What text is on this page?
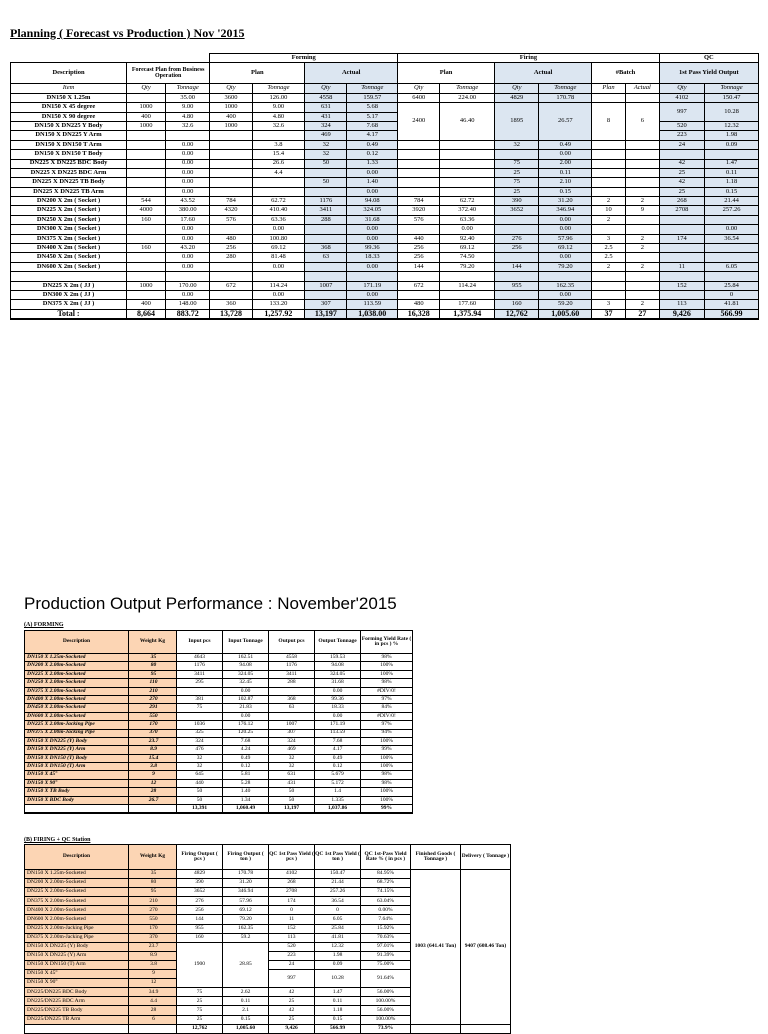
Planning ( Forecast vs Production ) Nov '2015
			Forming				Firing						QC	
Description	Forecast Plan from Business Operation		Plan		Actual		Plan		Actual		#Batch		1st Pass Yield Output	
Item	Qty	Tonnage	Qty	Tonnage	Qty	Tonnage	Qty	Tonnage	Qty	Tonnage	Plan	Actual	Qty	Tonnage
DN150 X 1.25m		35.00	3600	126.00	4558	159.57	6400	224.00	4829	170.78			4102	150.47
DN150 X 45 degree	1000	9.00	1000	9.00	631	5.68	2400	46.40	1895	26.57	8	6	997	10.28
DN150 X 90 degree	400	4.80	400	4.80	431	5.17								
DN150 X DN225 Y Body	1000	32.6	1000	32.6	324	7.68							520	12.32
DN150 X DN225 Y Arm					469	4.17							223	1.98
DN150 X DN150 T Arm		0.00		3.8	32	0.49			32	0.49			24	0.09
DN150 X DN150 T Body		0.00		15.4	32	0.12				0.00				
DN225 X DN225 BDC Body		0.00		26.6	50	1.33			75	2.00			42	1.47
DN225 X DN225 BDC Arm		0.00		4.4		0.00			25	0.11			25	0.11
DN225 X DN225 TB Body		0.00			50	1.40			75	2.10			42	1.18
DN225 X DN225 TB Arm		0.00				0.00			25	0.15			25	0.15
DN200 X 2m ( Socket )	544	43.52	784	62.72	1176	94.08	784	62.72	390	31.20	2	2	268	21.44
DN225 X 2m ( Socket )	4000	380.00	4320	410.40	3411	324.05	3920	372.40	3652	346.94	10	9	2708	257.26
DN250 X 2m ( Socket )	160	17.60	576	63.36	288	31.68	576	63.36		0.00	2			
DN300 X 2m ( Socket )		0.00		0.00		0.00		0.00		0.00				0.00
DN375 X 2m ( Socket )		0.00	480	100.80		0.00	440	92.40	276	57.96	3	2	174	36.54
DN400 X 2m ( Socket )	160	43.20	256	69.12	368	99.36	256	69.12	256	69.12	2.5	2		
DN450 X 2m ( Socket )		0.00	280	81.48	63	18.33	256	74.50		0.00	2.5			
DN600 X 2m ( Socket )		0.00		0.00		0.00	144	79.20	144	79.20	2	2	11	6.05

DN225 X 2m ( JJ )	1000	170.00	672	114.24	1007	171.19	672	114.24	955	162.35			152	25.84
DN300 X 2m ( JJ )		0.00		0.00		0.00				0.00				0
DN375 X 2m ( JJ )	400	148.00	360	133.20	307	113.59	480	177.60	160	59.20	3	2	113	41.81
Total :	8,664	883.72	13,728	1,257.92	13,197	1,038.00	16,328	1,375.94	12,762	1,005.60	37	27	9,426	566.99
Production Output Performance : November'2015
(A) FORMING
Description	Weight Kg	Input pcs	Input Tonnage	Output pcs	Output Tonnage	Forming Yield Rate ( in pcs ) %
DN150 X 1.25m-Socketed	35	4643	162.51	4558	159.53	98%
DN200 X 2.00m-Socketed	80	1176	94.08	1176	94.08	100%
DN225 X 2.00m-Socketed	95	3411	324.05	3411	324.05	100%
DN250 X 2.00m-Socketed	110	295	32.45	288	31.68	98%
DN375 X 2.00m-Socketed	210		0.00		0.00	#DIV/0!
DN400 X 2.00m-Socketed	270	381	102.87	368	99.36	97%
DN450 X 2.00m-Socketed	291	75	21.83	63	18.33	84%
DN600 X 2.00m-Socketed	550		0.00		0.00	#DIV/0!
DN225 X 2.00m-Jacking Pipe	170	1036	176.12	1007	171.19	97%
DN375 X 2.00m-Jacking Pipe	370	325	120.25	307	113.59	94%
DN150 X DN225 (Y) Body	23.7	324	7.68	324	7.68	100%
DN150 X DN225 (Y) Arm	8.9	476	4.24	469	4.17	99%
DN150 X DN150 (T) Body	15.4	32	0.49	32	0.49	100%
DN150 X DN150 (T) Arm	3.8	32	0.12	32	0.12	100%
DN150 X 45°	9	645	5.81	631	5.679	98%
DN150 X 90°	12	440	5.28	431	5.172	98%
DN150 X TB Body	28	50	1.40	50	1.4	100%
DN150 X BDC Body	26.7	50	1.34	50	1.335	100%
		13,391	1,060.49	13,197	1,037.86	99%
(B) FIRING + QC Station
Description	Weight Kg	Firing Output ( pcs )	Firing Output ( ton )	QC 1st Pass Yield ( pcs )	QC 1st Pass Yield ( ton )	QC 1st-Pass Yield Rate % ( in pcs )	Finished Goods ( Tonnage )	Delivery ( Tonnage )
DN150 X 1.25m-Socketed	35	4829	170.78	4102	150.47	84.95%	1003 (641.41 Ton)	9407 (608.46 Ton)
DN200 X 2.00m-Socketed	80	390	31.20	268	21.44	68.72%		
DN225 X 2.00m-Socketed	95	3652	346.94	2708	257.26	74.15%		
DN375 X 2.00m-Socketed	210	276	57.96	174	36.54	63.04%		
DN400 X 2.00m-Socketed	270	256	69.12	0	0	0.00%		
DN600 X 2.00m-Socketed	550	144	79.20	11	6.05	7.64%		
DN225 X 2.00m-Jacking Pipe	170	955	162.35	152	25.84	15.92%		
DN375 X 2.00m-Jacking Pipe	370	160	59.2	113	41.81	70.63%		
DN150 X DN225 (Y) Body	23.7	1900	28.85	520	12.32	97.01%		
DN150 X DN225 (Y) Arm	8.9			223	1.98	91.39%		
DN150 X DN150 (T) Arm	3.8			24	0.09	75.00%		
DN150 X 45°	9			997	10.28	91.64%		
DN150 X 90°	12							
DN225/DN225 BDC Body	34.9	75	2.62	42	1.47	56.00%		
DN225/DN225 BDC Arm	4.4	25	0.11	25	0.11	100.00%		
DN225/DN225 TB Body	28	75	2.1	42	1.18	56.00%		
DN225/DN225 TB Arm	6	25	0.15	25	0.15	100.00%		
		12,762	1,005.60	9,426	566.99	73.9%		
